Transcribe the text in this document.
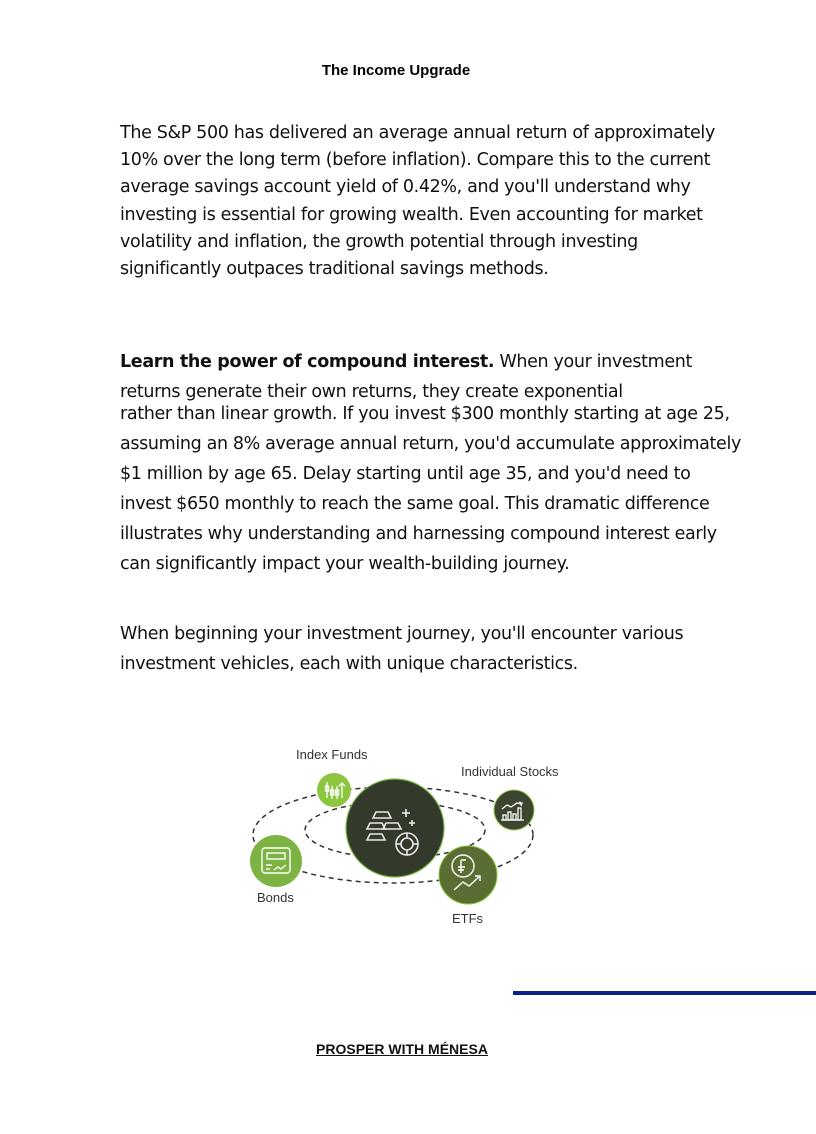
The Income Upgrade

The S&P 500 has delivered an average annual return of approximately 10% over the long term (before inflation). Compare this to the current average savings account yield of 0.42%, and you'll understand why investing is essential for growing wealth. Even accounting for market volatility and inflation, the growth potential through investing significantly outpaces traditional savings methods.

Learn the power of compound interest. When your investment returns generate their own returns, they create exponential
rather than linear growth. If you invest $300 monthly starting at age 25, assuming an 8% average annual return, you'd accumulate approximately $1 million by age 65. Delay starting until age 35, and you'd need to invest $650 monthly to reach the same goal. This dramatic difference illustrates why understanding and harnessing compound interest early can significantly impact your wealth-building journey.

When beginning your investment journey, you'll encounter various investment vehicles, each with unique characteristics.

Index Funds
Individual Stocks
Bonds
ETFs
PROSPER WITH MÉNESA
